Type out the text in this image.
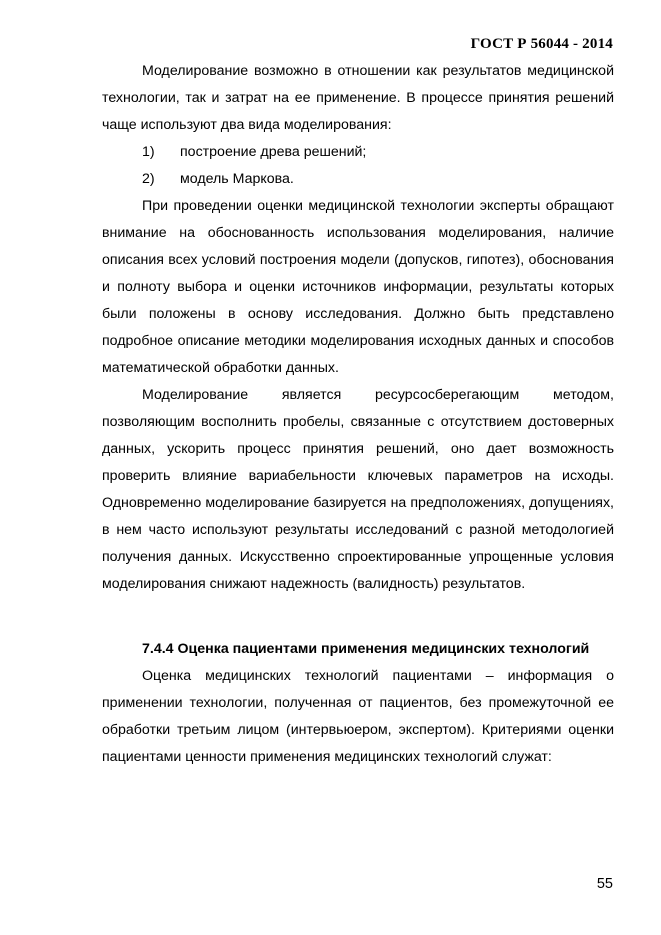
ГОСТ Р 56044 - 2014

Моделирование возможно в отношении как результатов медицинской технологии, так и затрат на ее применение. В процессе принятия решений чаще используют два вида моделирования:

1)	построение древа решений;
2)	модель Маркова.

При проведении оценки медицинской технологии эксперты обращают внимание на обоснованность использования моделирования, наличие описания всех условий построения модели (допусков, гипотез), обоснования и полноту выбора и оценки источников информации, результаты которых были положены в основу исследования. Должно быть представлено подробное описание методики моделирования исходных данных и способов математической обработки данных.

Моделирование является ресурсосберегающим методом, позволяющим восполнить пробелы, связанные с отсутствием достоверных данных, ускорить процесс принятия решений, оно дает возможность проверить влияние вариабельности ключевых параметров на исходы. Одновременно моделирование базируется на предположениях, допущениях, в нем часто используют результаты исследований с разной методологией получения данных. Искусственно спроектированные упрощенные условия моделирования снижают надежность (валидность) результатов.

7.4.4 Оценка пациентами применения медицинских технологий

Оценка медицинских технологий пациентами – информация о применении технологии, полученная от пациентов, без промежуточной ее обработки третьим лицом (интервьюером, экспертом). Критериями оценки пациентами ценности применения медицинских технологий служат:

55
